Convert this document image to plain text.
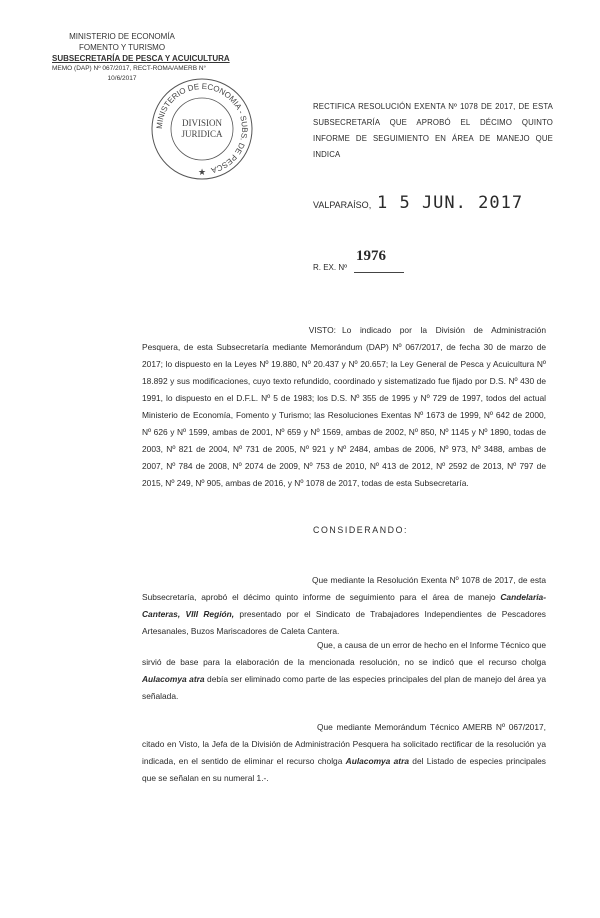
MINISTERIO DE ECONOMÍA
FOMENTO Y TURISMO
SUBSECRETARÍA DE PESCA Y ACUICULTURA
MEMO (DAP) Nº 067/2017, RECT-ROMA/AMERB N°
10/6/2017
MINISTERIO DE ECONOMIA - SUBS. DE PESCA
DIVISION
JURIDICA
★
RECTIFICA RESOLUCIÓN EXENTA Nº 1078 DE 2017, DE ESTA SUBSECRETARÍA QUE APROBÓ EL DÉCIMO QUINTO INFORME DE SEGUIMIENTO EN ÁREA DE MANEJO QUE INDICA
VALPARAÍSO, 1 5 JUN. 2017
R. EX. Nº
1976
VISTO: Lo indicado por la División de Administración Pesquera, de esta Subsecretaría mediante Memorándum (DAP) Nº 067/2017, de fecha 30 de marzo de 2017; lo dispuesto en la Leyes Nº 19.880, Nº 20.437 y Nº 20.657; la Ley General de Pesca y Acuicultura Nº 18.892 y sus modificaciones, cuyo texto refundido, coordinado y sistematizado fue fijado por D.S. Nº 430 de 1991, lo dispuesto en el D.F.L. Nº 5 de 1983; los D.S. Nº 355 de 1995 y Nº 729 de 1997, todos del actual Ministerio de Economía, Fomento y Turismo; las Resoluciones Exentas Nº 1673 de 1999, Nº 642 de 2000, Nº 626 y Nº 1599, ambas de 2001, Nº 659 y Nº 1569, ambas de 2002, Nº 850, Nº 1145 y Nº 1890, todas de 2003, Nº 821 de 2004, Nº 731 de 2005, Nº 921 y Nº 2484, ambas de 2006, Nº 973, Nº 3488, ambas de 2007, Nº 784 de 2008, Nº 2074 de 2009, Nº 753 de 2010, Nº 413 de 2012, Nº 2592 de 2013, Nº 797 de 2015, Nº 249, Nº 905, ambas de 2016, y Nº 1078 de 2017, todas de esta Subsecretaría.
CONSIDERANDO:
Que mediante la Resolución Exenta Nº 1078 de 2017, de esta Subsecretaría, aprobó el décimo quinto informe de seguimiento para el área de manejo Candelaria-Canteras, VIII Región, presentado por el Sindicato de Trabajadores Independientes de Pescadores Artesanales, Buzos Mariscadores de Caleta Cantera.
Que, a causa de un error de hecho en el Informe Técnico que sirvió de base para la elaboración de la mencionada resolución, no se indicó que el recurso cholga Aulacomya atra debía ser eliminado como parte de las especies principales del plan de manejo del área ya señalada.
Que mediante Memorándum Técnico AMERB Nº 067/2017, citado en Visto, la Jefa de la División de Administración Pesquera ha solicitado rectificar de la resolución ya indicada, en el sentido de eliminar el recurso cholga Aulacomya atra del Listado de especies principales que se señalan en su numeral 1.-.
